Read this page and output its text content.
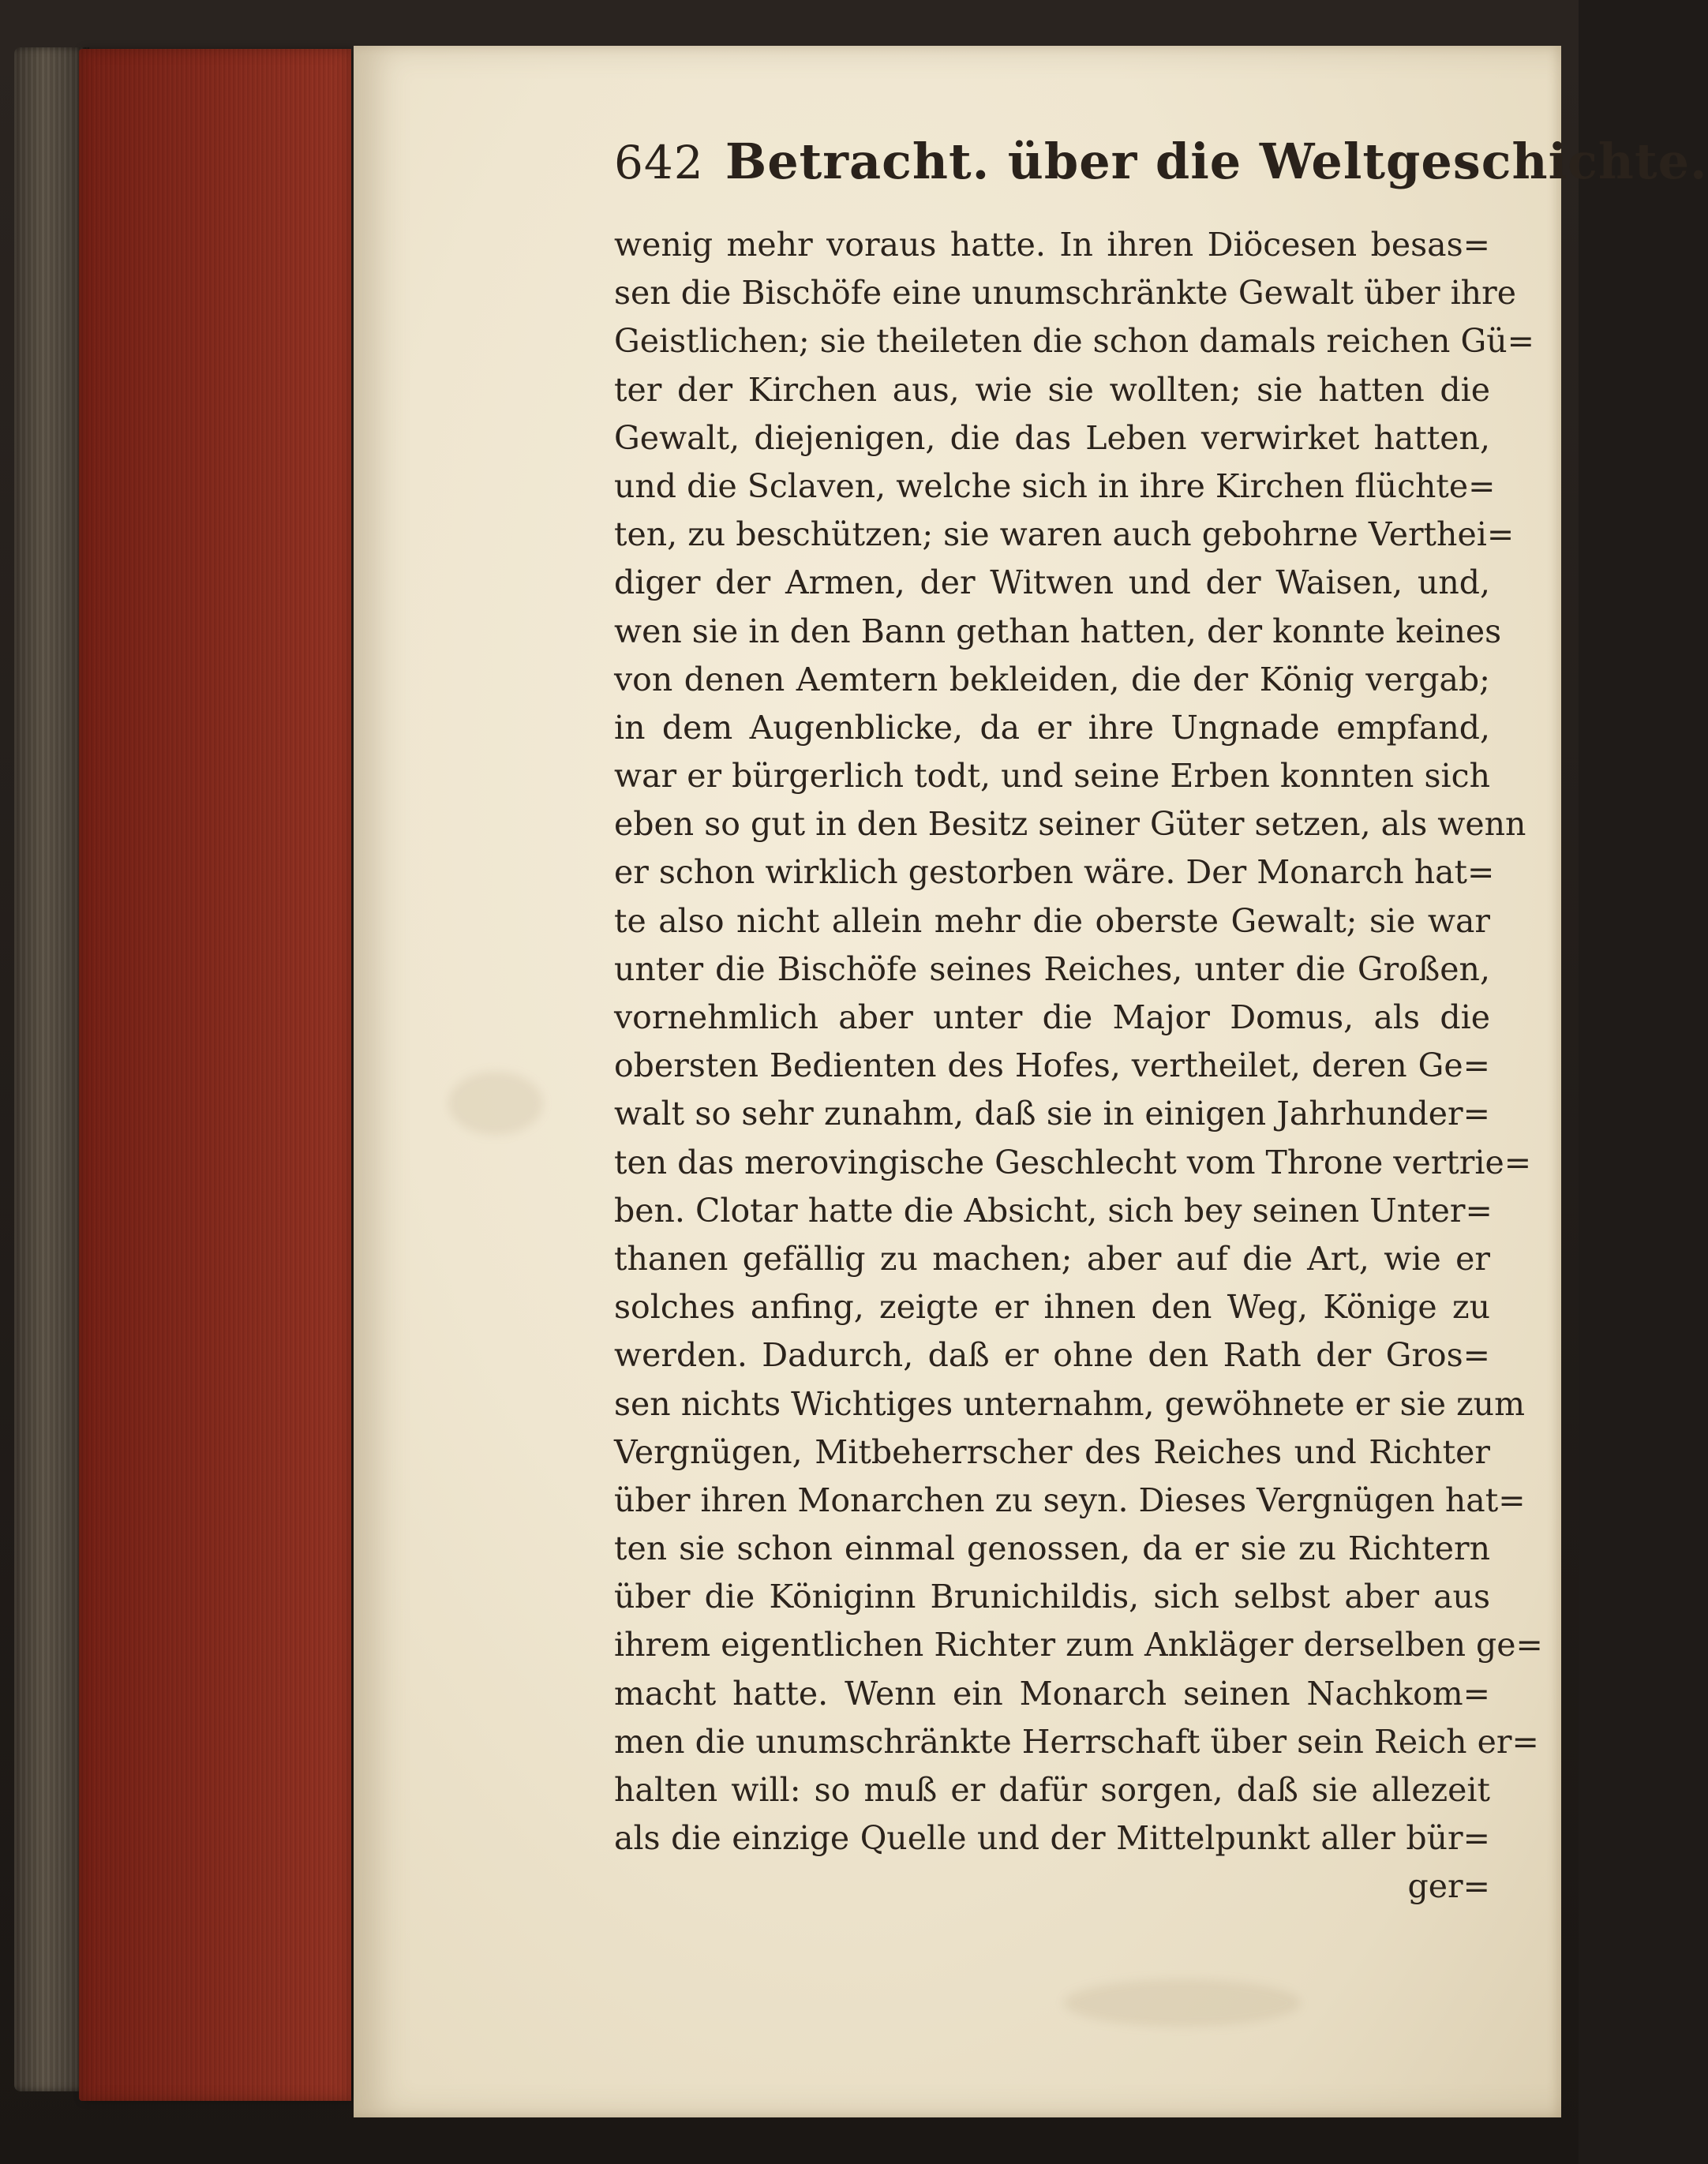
642 Betracht. über die Weltgeschichte.
wenig mehr voraus hatte. In ihren Diöcesen besas=
sen die Bischöfe eine unumschränkte Gewalt über ihre
Geistlichen; sie theileten die schon damals reichen Gü=
ter der Kirchen aus, wie sie wollten; sie hatten die
Gewalt, diejenigen, die das Leben verwirket hatten,
und die Sclaven, welche sich in ihre Kirchen flüchte=
ten, zu beschützen; sie waren auch gebohrne Verthei=
diger der Armen, der Witwen und der Waisen, und,
wen sie in den Bann gethan hatten, der konnte keines
von denen Aemtern bekleiden, die der König vergab;
in dem Augenblicke, da er ihre Ungnade empfand,
war er bürgerlich todt, und seine Erben konnten sich
eben so gut in den Besitz seiner Güter setzen, als wenn
er schon wirklich gestorben wäre. Der Monarch hat=
te also nicht allein mehr die oberste Gewalt; sie war
unter die Bischöfe seines Reiches, unter die Großen,
vornehmlich aber unter die Major Domus, als die
obersten Bedienten des Hofes, vertheilet, deren Ge=
walt so sehr zunahm, daß sie in einigen Jahrhunder=
ten das merovingische Geschlecht vom Throne vertrie=
ben. Clotar hatte die Absicht, sich bey seinen Unter=
thanen gefällig zu machen; aber auf die Art, wie er
solches anfing, zeigte er ihnen den Weg, Könige zu
werden. Dadurch, daß er ohne den Rath der Gros=
sen nichts Wichtiges unternahm, gewöhnete er sie zum
Vergnügen, Mitbeherrscher des Reiches und Richter
über ihren Monarchen zu seyn. Dieses Vergnügen hat=
ten sie schon einmal genossen, da er sie zu Richtern
über die Königinn Brunichildis, sich selbst aber aus
ihrem eigentlichen Richter zum Ankläger derselben ge=
macht hatte. Wenn ein Monarch seinen Nachkom=
men die unumschränkte Herrschaft über sein Reich er=
halten will: so muß er dafür sorgen, daß sie allezeit
als die einzige Quelle und der Mittelpunkt aller bür=
ger=
